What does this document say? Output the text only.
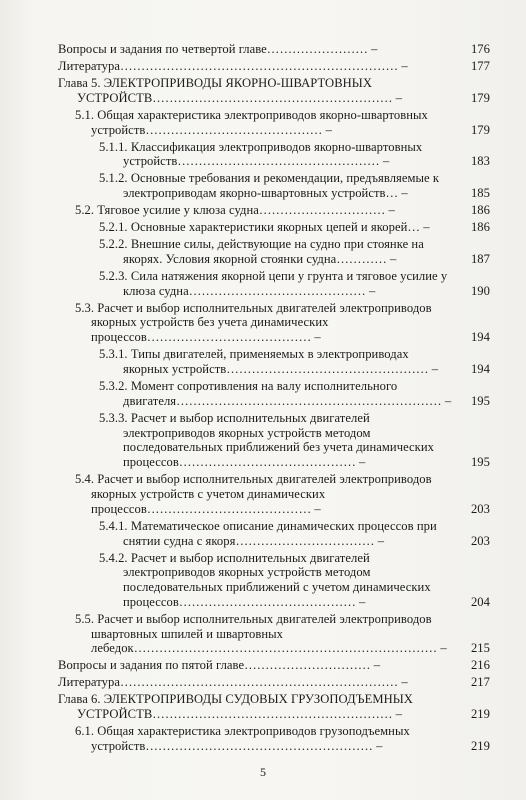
Вопросы и задания по четвертой главе…………………… –	176
Литература………………………………………………………… –	177
Глава 5. ЭЛЕКТРОПРИВОДЫ ЯКОРНО-ШВАРТОВНЫХ УСТРОЙСТВ………………………………………………… –	179
5.1. Общая характеристика электроприводов якорно-швартовных устройств…………………………………… –	179
5.1.1. Классификация электроприводов якорно-швартовных устройств………………………………………… –	183
5.1.2. Основные требования и рекомендации, предъявляемые к электроприводам якорно-швартовных устройств… –	185
5.2. Тяговое усилие у клюза судна………………………… –	186
5.2.1. Основные характеристики якорных цепей и якорей… –	186
5.2.2. Внешние силы, действующие на судно при стоянке на якорях. Условия якорной стоянки судна………… –	187
5.2.3. Сила натяжения якорной цепи у грунта и тяговое усилие у клюза судна…………………………………… –	190
5.3. Расчет и выбор исполнительных двигателей электроприводов якорных устройств без учета динамических процессов………………………………… –	194
5.3.1. Типы двигателей, применяемых в электроприводах якорных устройств………………………………………… –	194
5.3.2. Момент сопротивления на валу исполнительного двигателя……………………………………………………… –	195
5.3.3. Расчет и выбор исполнительных двигателей электроприводов якорных устройств методом последовательных приближений без учета динамических процессов…………………………………… –	195
5.4. Расчет и выбор исполнительных двигателей электроприводов якорных устройств с учетом динамических процессов………………………………… –	203
5.4.1. Математическое описание динамических процессов при снятии судна с якоря…………………………… –	203
5.4.2. Расчет и выбор исполнительных двигателей электроприводов якорных устройств методом последовательных приближений с учетом динамических процессов…………………………………… –	204
5.5. Расчет и выбор исполнительных двигателей электроприводов швартовных шпилей и швартовных лебедок……………………………………………………………… –	215
Вопросы и задания по пятой главе………………………… –	216
Литература………………………………………………………… –	217
Глава 6. ЭЛЕКТРОПРИВОДЫ СУДОВЫХ ГРУЗОПОДЪЕМНЫХ УСТРОЙСТВ………………………………………………… –	219
6.1. Общая характеристика электроприводов грузоподъемных устройств……………………………………………… –	219
5
